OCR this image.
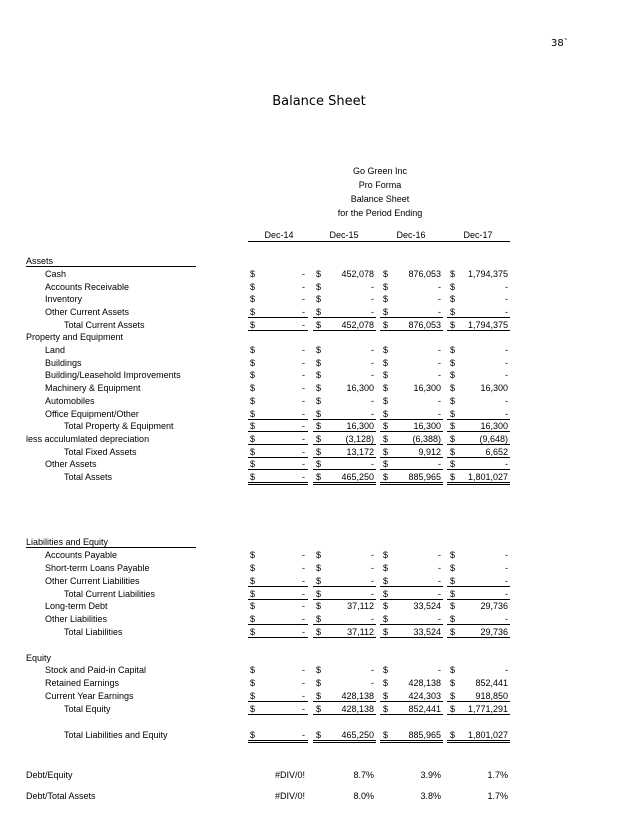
38`
Balance Sheet
Go Green Inc
Pro Forma
Balance Sheet
for the Period Ending
Dec-14	Dec-15	Dec-16	Dec-17
Assets
Property and Equipment
Liabilities and Equity
Equity
Cash	$	- $ 452,078 $ 876,053 $ 1,794,375
Accounts Receivable	$	- $	- $	- $	-
Inventory	$	- $	- $	- $	-
Other Current Assets	$	- $	- $	- $	-
Total Current Assets	$	- $ 452,078 $ 876,053 $ 1,794,375
Land	$	- $	- $	- $	-
Buildings	$	- $	- $	- $	-
Building/Leasehold Improvements	$	- $	- $	- $	-
Machinery & Equipment	$	- $	16,300 $	16,300 $	16,300
Automobiles	$	- $	- $	- $	-
Office Equipment/Other	$	- $	- $	- $	-
Total Property & Equipment	$	- $	16,300 $	16,300 $	16,300
less acculumlated depreciation	$	- $	(3,128) $	(6,388) $	(9,648)
Total Fixed Assets	$	- $	13,172 $	9,912 $	6,652
Other Assets	$	- $	- $	- $	-
Total Assets	$	- $ 465,250 $ 885,965 $ 1,801,027
Accounts Payable	$	- $	- $	- $	-
Short-term Loans Payable	$	- $	- $	- $	-
Other Current Liabilities	$	- $	- $	- $	-
Total Current Liabilities	$	- $	- $	- $	-
Long-term Debt	$	- $	37,112 $	33,524 $	29,736
Other Liabilities	$	- $	- $	- $	-
Total Liabilities	$	- $	37,112 $	33,524 $	29,736
Stock and Paid-in Capital	$	- $	- $	- $	-
Retained Earnings	$	- $	- $ 428,138 $ 852,441
Current Year Earnings	$	- $ 428,138 $ 424,303 $ 918,850
Total Equity	$	- $ 428,138 $ 852,441 $ 1,771,291
Total Liabilities and Equity	$	- $ 465,250 $ 885,965 $ 1,801,027
Debt/Equity	#DIV/0!	8.7%	3.9%	1.7%
Debt/Total Assets	#DIV/0!	8.0%	3.8%	1.7%
